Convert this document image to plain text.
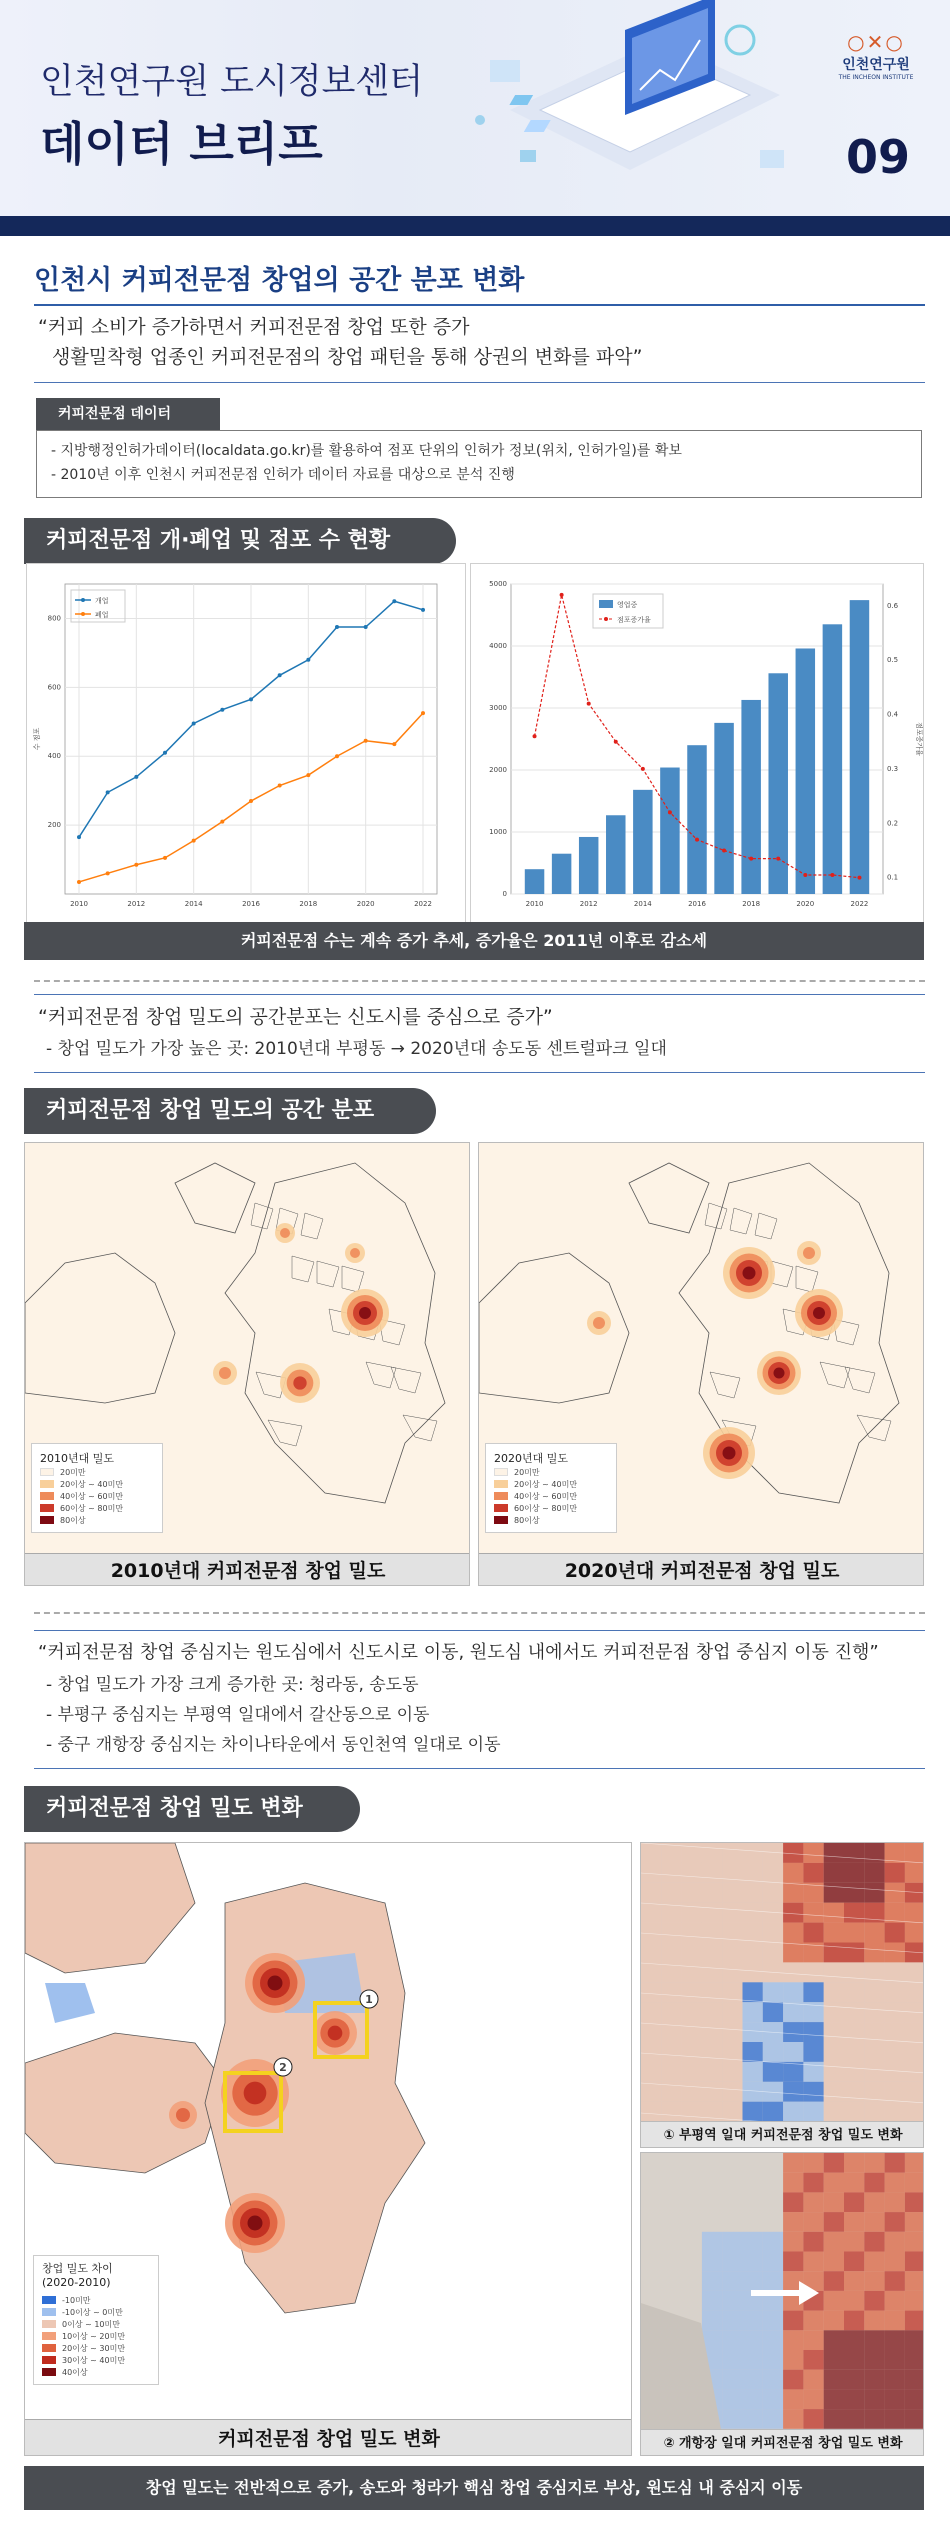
인천연구원 도시정보센터
데이터 브리프
○✕○
인천연구원
THE INCHEON INSTITUTE
09
인천시 커피전문점 창업의 공간 분포 변화
“커피 소비가 증가하면서 커피전문점 창업 또한 증가
생활밀착형 업종인 커피전문점의 창업 패턴을 통해 상권의 변화를 파악”
커피전문점 데이터
- 지방행정인허가데이터(localdata.go.kr)를 활용하여 점포 단위의 인허가 정보(위치, 인허가일)를 확보
- 2010년 이후 인천시 커피전문점 인허가 데이터 자료를 대상으로 분석 진행
커피전문점 개·폐업 및 점포 수 현황
200
400
600
800
2010	2012	2014	2016	2018	2020	2022
수 점포
개업
폐업
0
1000
2000
3000
4000
5000
0.1
0.2
0.3
0.4
0.5
0.6
2010	2012	2014	2016	2018	2020	2022
점포증가율
영업중
점포증가율
커피전문점 수는 계속 증가 추세, 증가율은 2011년 이후로 감소세
“커피전문점 창업 밀도의 공간분포는 신도시를 중심으로 증가”
- 창업 밀도가 가장 높은 곳: 2010년대 부평동 → 2020년대 송도동 센트럴파크 일대
커피전문점 창업 밀도의 공간 분포
2010년대 밀도
20미만
20이상 ~ 40미만
40이상 ~ 60미만
60이상 ~ 80미만
80이상
2010년대 커피전문점 창업 밀도
2020년대 밀도
20미만
20이상 ~ 40미만
40이상 ~ 60미만
60이상 ~ 80미만
80이상
2020년대 커피전문점 창업 밀도
“커피전문점 창업 중심지는 원도심에서 신도시로 이동, 원도심 내에서도 커피전문점 창업 중심지 이동 진행”
- 창업 밀도가 가장 크게 증가한 곳: 청라동, 송도동
- 부평구 중심지는 부평역 일대에서 갈산동으로 이동
- 중구 개항장 중심지는 차이나타운에서 동인천역 일대로 이동
커피전문점 창업 밀도 변화
1
2
창업 밀도 차이
(2020-2010)
-10미만
-10이상 ~ 0미만
0이상 ~ 10미만
10이상 ~ 20미만
20이상 ~ 30미만
30이상 ~ 40미만
40이상
커피전문점 창업 밀도 변화
① 부평역 일대 커피전문점 창업 밀도 변화
② 개항장 일대 커피전문점 창업 밀도 변화
창업 밀도는 전반적으로 증가, 송도와 청라가 핵심 창업 중심지로 부상, 원도심 내 중심지 이동
